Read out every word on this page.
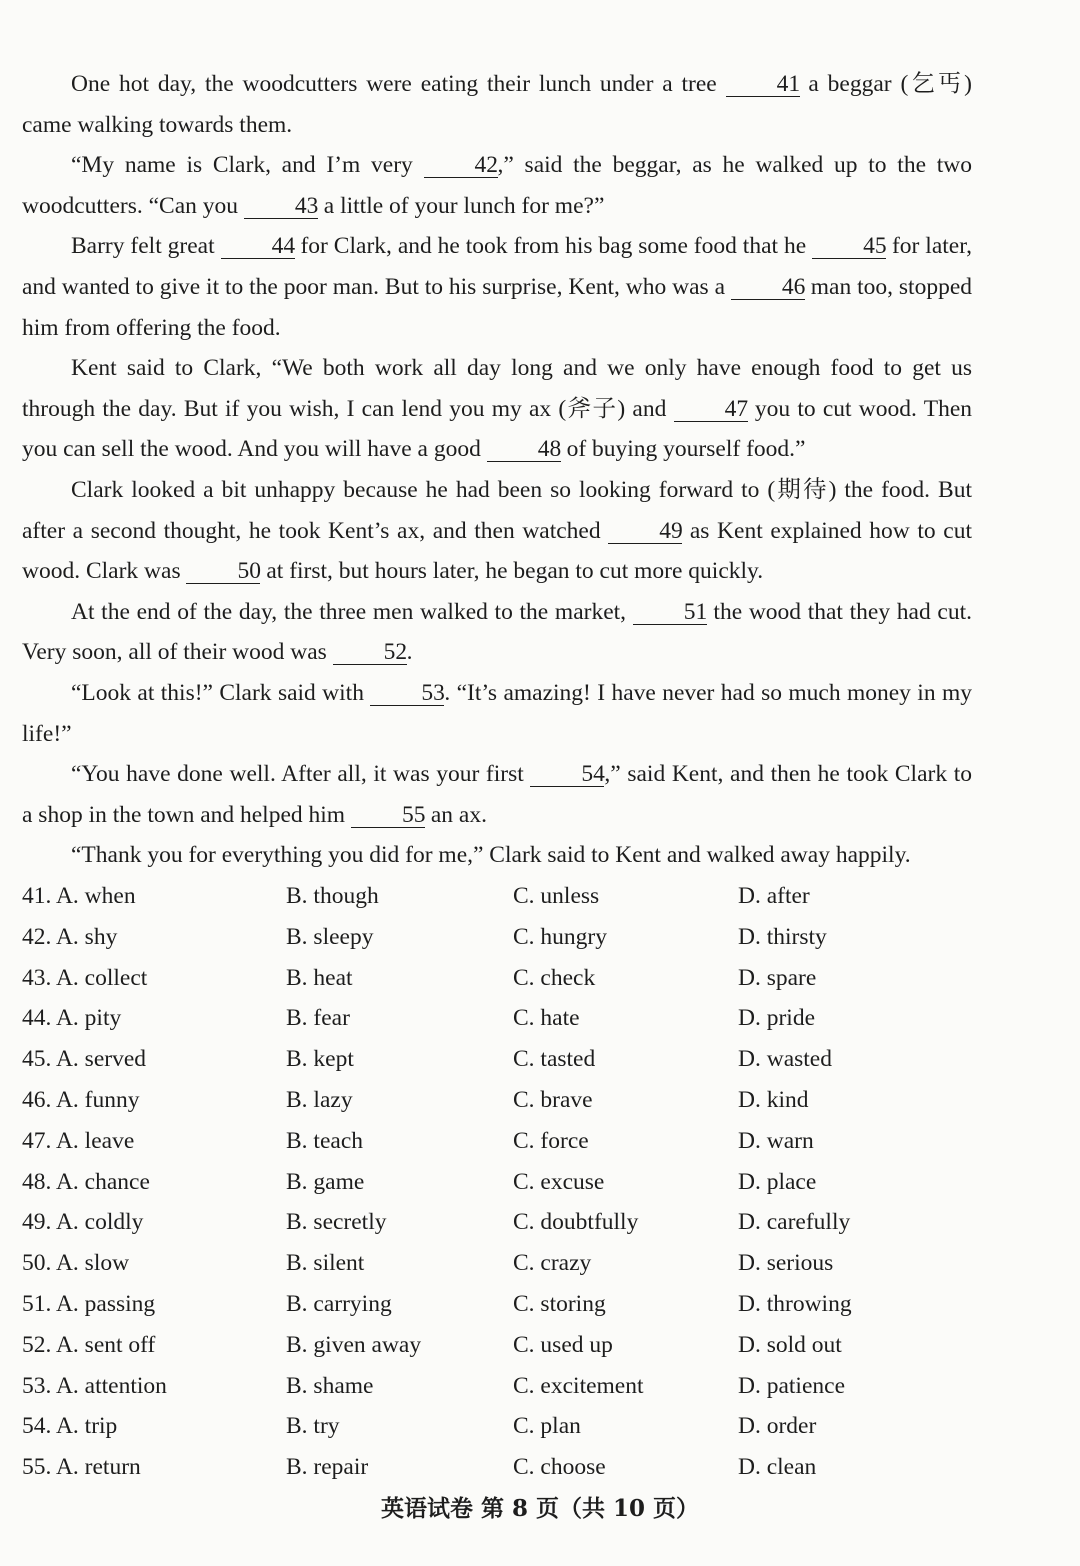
One hot day, the woodcutters were eating their lunch under a tree 41 a beggar (乞丐) came walking towards them.

“My name is Clark, and I’m very 42,” said the beggar, as he walked up to the two woodcutters. “Can you 43 a little of your lunch for me?”

Barry felt great 44 for Clark, and he took from his bag some food that he 45 for later, and wanted to give it to the poor man. But to his surprise, Kent, who was a 46 man too, stopped him from offering the food.

Kent said to Clark, “We both work all day long and we only have enough food to get us through the day. But if you wish, I can lend you my ax (斧子) and 47 you to cut wood. Then you can sell the wood. And you will have a good 48 of buying yourself food.”

Clark looked a bit unhappy because he had been so looking forward to (期待) the food. But after a second thought, he took Kent’s ax, and then watched 49 as Kent explained how to cut wood. Clark was 50 at first, but hours later, he began to cut more quickly.

At the end of the day, the three men walked to the market, 51 the wood that they had cut. Very soon, all of their wood was 52.

“Look at this!” Clark said with 53. “It’s amazing! I have never had so much money in my life!”

“You have done well. After all, it was your first 54,” said Kent, and then he took Clark to a shop in the town and helped him 55 an ax.

“Thank you for everything you did for me,” Clark said to Kent and walked away happily.

41. A. when	B. though	C. unless	D. after
42. A. shy	B. sleepy	C. hungry	D. thirsty
43. A. collect	B. heat	C. check	D. spare
44. A. pity	B. fear	C. hate	D. pride
45. A. served	B. kept	C. tasted	D. wasted
46. A. funny	B. lazy	C. brave	D. kind
47. A. leave	B. teach	C. force	D. warn
48. A. chance	B. game	C. excuse	D. place
49. A. coldly	B. secretly	C. doubtfully	D. carefully
50. A. slow	B. silent	C. crazy	D. serious
51. A. passing	B. carrying	C. storing	D. throwing
52. A. sent off	B. given away	C. used up	D. sold out
53. A. attention	B. shame	C. excitement	D. patience
54. A. trip	B. try	C. plan	D. order
55. A. return	B. repair	C. choose	D. clean
英语试卷 第 8 页（共 10 页）
